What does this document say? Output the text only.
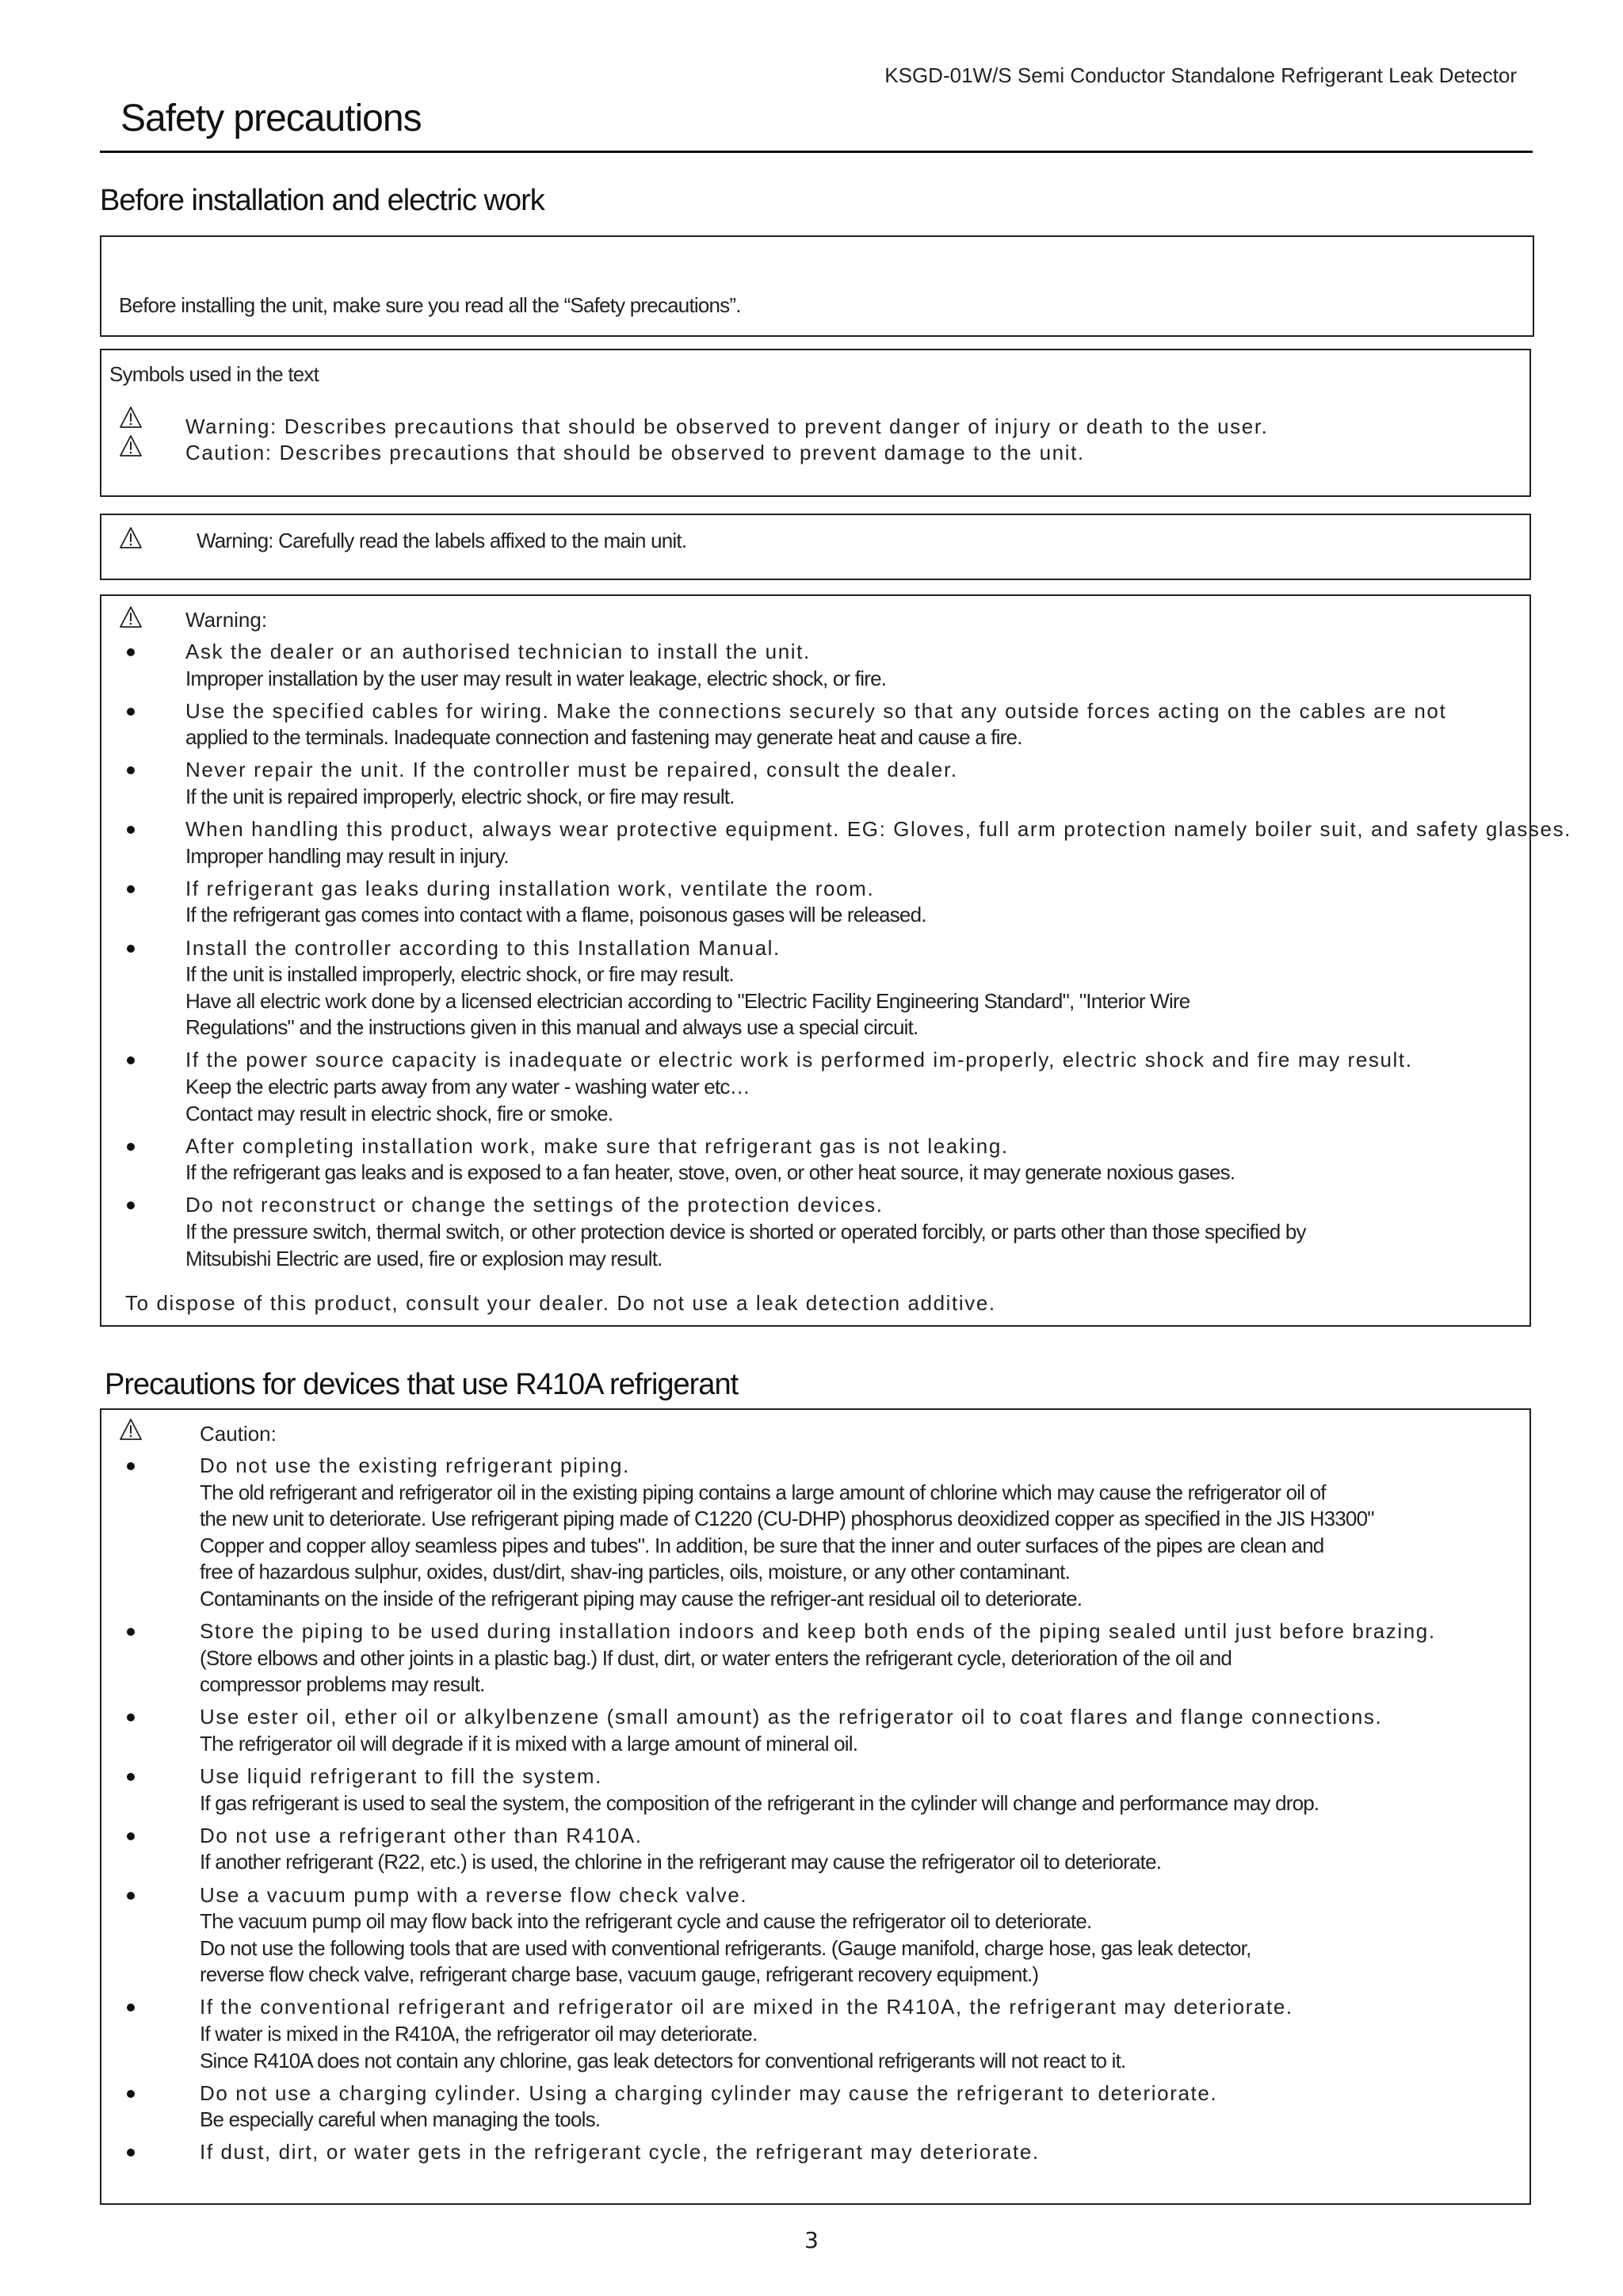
KSGD-01W/S Semi Conductor Standalone Refrigerant Leak Detector
Safety precautions
Before installation and electric work
Before installing the unit, make sure you read all the “Safety precautions”.
Symbols used in the text
Warning: Describes precautions that should be observed to prevent danger of injury or death to the user.
Caution: Describes precautions that should be observed to prevent damage to the unit.
Warning: Carefully read the labels affixed to the main unit.
Warning:
Ask the dealer or an authorised technician to install the unit.
Improper installation by the user may result in water leakage, electric shock, or fire.
Use the specified cables for wiring. Make the connections securely so that any outside forces acting on the cables are not
applied to the terminals. Inadequate connection and fastening may generate heat and cause a fire.
Never repair the unit. If the controller must be repaired, consult the dealer.
If the unit is repaired improperly, electric shock, or fire may result.
When handling this product, always wear protective equipment. EG: Gloves, full arm protection namely boiler suit, and safety glasses.
Improper handling may result in injury.
If refrigerant gas leaks during installation work, ventilate the room.
If the refrigerant gas comes into contact with a flame, poisonous gases will be released.
Install the controller according to this Installation Manual.
If the unit is installed improperly, electric shock, or fire may result.
Have all electric work done by a licensed electrician according to "Electric Facility Engineering Standard", "Interior Wire
Regulations" and the instructions given in this manual and always use a special circuit.
If the power source capacity is inadequate or electric work is performed im-properly, electric shock and fire may result.
Keep the electric parts away from any water - washing water etc…
Contact may result in electric shock, fire or smoke.
After completing installation work, make sure that refrigerant gas is not leaking.
If the refrigerant gas leaks and is exposed to a fan heater, stove, oven, or other heat source, it may generate noxious gases.
Do not reconstruct or change the settings of the protection devices.
If the pressure switch, thermal switch, or other protection device is shorted or operated forcibly, or parts other than those specified by
Mitsubishi Electric are used, fire or explosion may result.
To dispose of this product, consult your dealer. Do not use a leak detection additive.
Precautions for devices that use R410A refrigerant
Caution:
Do not use the existing refrigerant piping.
The old refrigerant and refrigerator oil in the existing piping contains a large amount of chlorine which may cause the refrigerator oil of
the new unit to deteriorate. Use refrigerant piping made of C1220 (CU-DHP) phosphorus deoxidized copper as specified in the JIS H3300"
Copper and copper alloy seamless pipes and tubes". In addition, be sure that the inner and outer surfaces of the pipes are clean and
free of hazardous sulphur, oxides, dust/dirt, shav-ing particles, oils, moisture, or any other contaminant.
Contaminants on the inside of the refrigerant piping may cause the refriger-ant residual oil to deteriorate.
Store the piping to be used during installation indoors and keep both ends of the piping sealed until just before brazing.
(Store elbows and other joints in a plastic bag.) If dust, dirt, or water enters the refrigerant cycle, deterioration of the oil and
compressor problems may result.
Use ester oil, ether oil or alkylbenzene (small amount) as the refrigerator oil to coat flares and flange connections.
The refrigerator oil will degrade if it is mixed with a large amount of mineral oil.
Use liquid refrigerant to fill the system.
If gas refrigerant is used to seal the system, the composition of the refrigerant in the cylinder will change and performance may drop.
Do not use a refrigerant other than R410A.
If another refrigerant (R22, etc.) is used, the chlorine in the refrigerant may cause the refrigerator oil to deteriorate.
Use a vacuum pump with a reverse flow check valve.
The vacuum pump oil may flow back into the refrigerant cycle and cause the refrigerator oil to deteriorate.
Do not use the following tools that are used with conventional refrigerants. (Gauge manifold, charge hose, gas leak detector,
reverse flow check valve, refrigerant charge base, vacuum gauge, refrigerant recovery equipment.)
If the conventional refrigerant and refrigerator oil are mixed in the R410A, the refrigerant may deteriorate.
If water is mixed in the R410A, the refrigerator oil may deteriorate.
Since R410A does not contain any chlorine, gas leak detectors for conventional refrigerants will not react to it.
Do not use a charging cylinder. Using a charging cylinder may cause the refrigerant to deteriorate.
Be especially careful when managing the tools.
If dust, dirt, or water gets in the refrigerant cycle, the refrigerant may deteriorate.
3
